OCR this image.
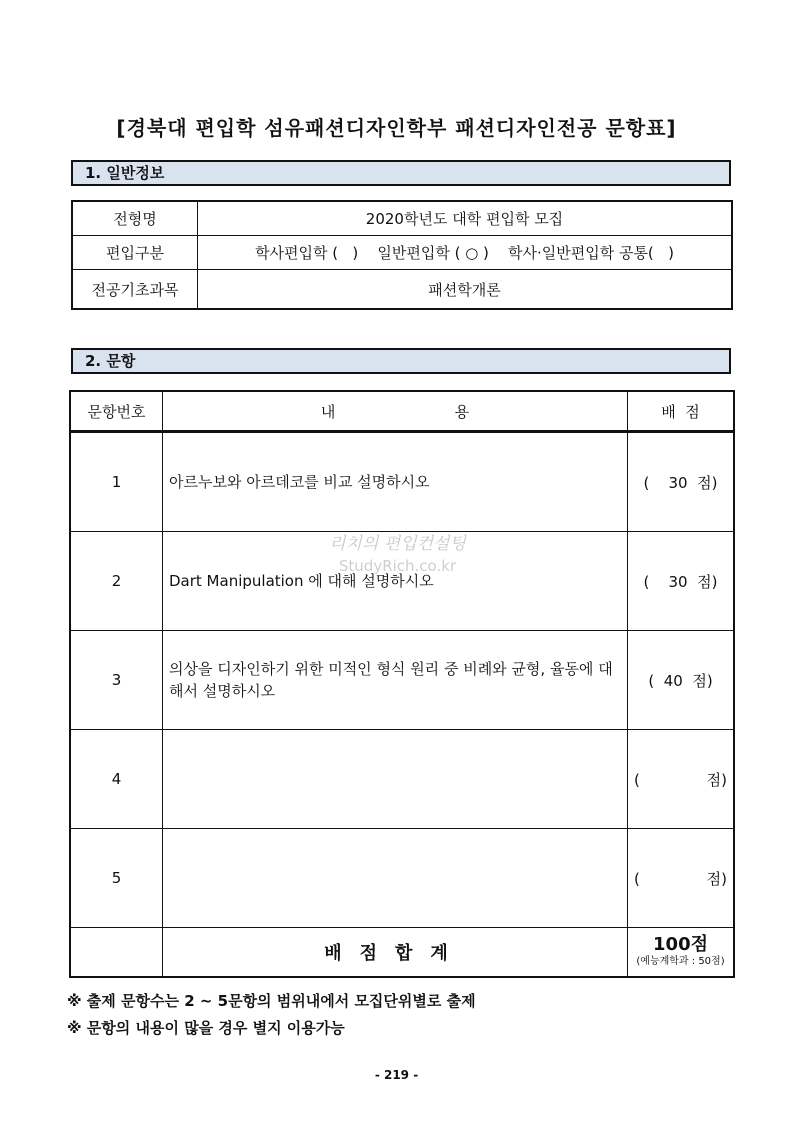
[경북대 편입학 섬유패션디자인학부 패션디자인전공 문항표]
1. 일반정보
전형명	2020학년도 대학 편입학 모집
편입구분	학사편입학 (   )    일반편입학 ( ○ )    학사·일반편입학 공통(   )
전공기초과목	패션학개론
2. 문항
문항번호	내                         용	배  점
1	아르누보와 아르데코를 비교 설명하시오	(    30  점)
2	Dart Manipulation 에 대해 설명하시오	(    30  점)
3	의상을 디자인하기 위한 미적인 형식 원리 중 비례와 균형, 율동에 대해서 설명하시오	(  40  점)
4		(              점)
5		(              점)
	배점합계	100점
(예능계학과 : 50점)
리치의 편입컨설팅
StudyRich.co.kr
※ 출제 문항수는 2 ~ 5문항의 범위내에서 모집단위별로 출제
※ 문항의 내용이 많을 경우 별지 이용가능
- 219 -
